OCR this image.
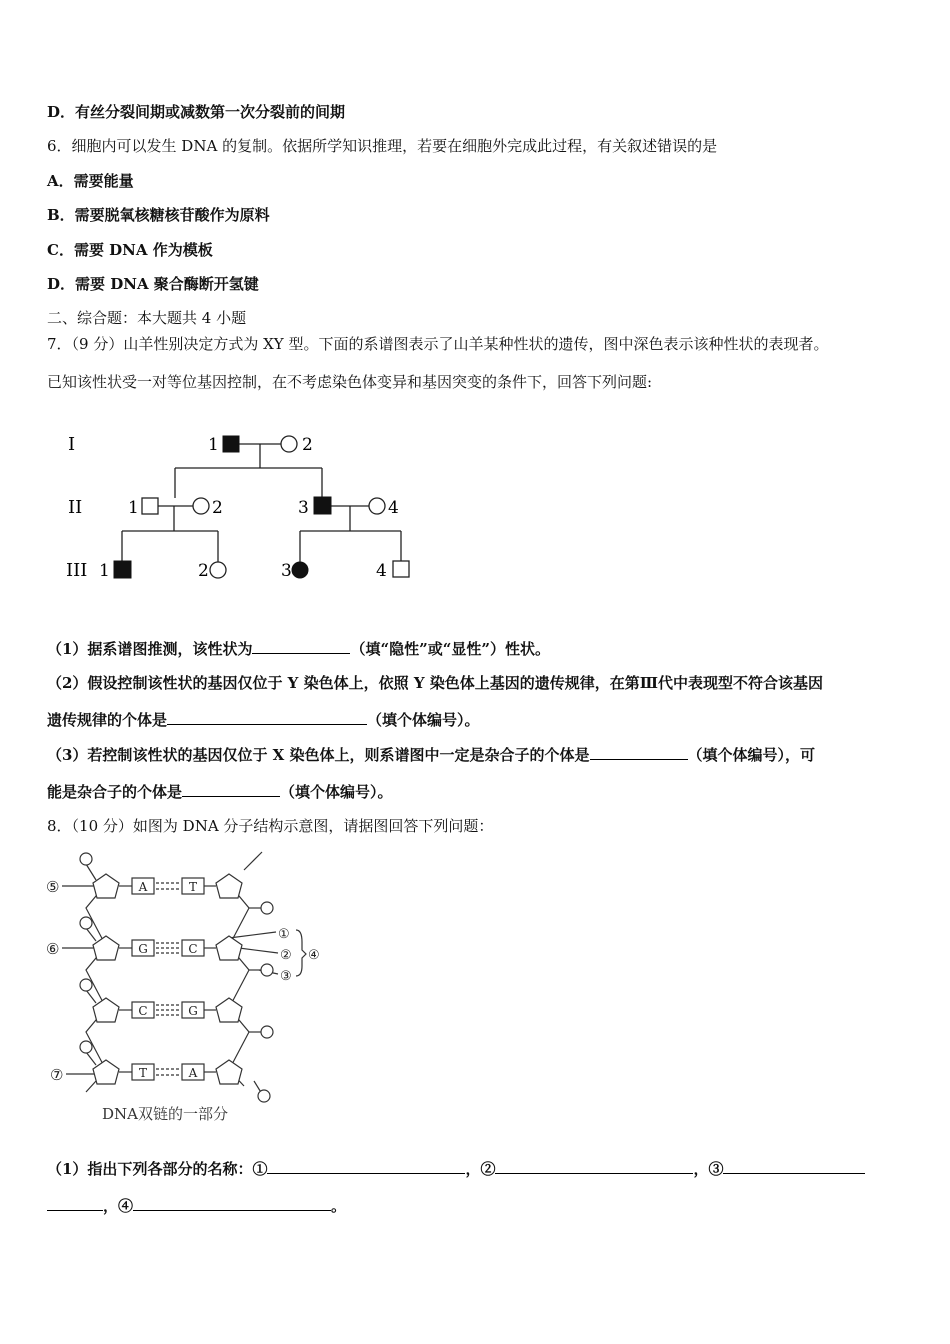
D．有丝分裂间期或减数第一次分裂前的间期
6．细胞内可以发生 DNA 的复制。依据所学知识推理，若要在细胞外完成此过程，有关叙述错误的是
A．需要能量
B．需要脱氧核糖核苷酸作为原料
C．需要 DNA 作为模板
D．需要 DNA 聚合酶断开氢键
二、综合题：本大题共 4 小题
7．（9 分）山羊性别决定方式为 XY 型。下面的系谱图表示了山羊某种性状的遗传，图中深色表示该种性状的表现者。
已知该性状受一对等位基因控制，在不考虑染色体变异和基因突变的条件下，回答下列问题:
I
II
III
1	2
1	2	3	4
1	2	3	4
（1）据系谱图推测，该性状为	（填“隐性”或“显性”）性状。
（2）假设控制该性状的基因仅位于 Y 染色体上，依照 Y 染色体上基因的遗传规律，在第Ⅲ代中表现型不符合该基因
遗传规律的个体是	（填个体编号）。
（3）若控制该性状的基因仅位于 X 染色体上，则系谱图中一定是杂合子的个体是	（填个体编号），可
能是杂合子的个体是	（填个体编号）。
8．（10 分）如图为 DNA 分子结构示意图，请据图回答下列问题：
A	T
G	C
C	G
T	A
⑤
⑥
⑦
①
②
③
④
DNA双链的一部分
（1）指出下列各部分的名称：①	，②	，③
，④	。
